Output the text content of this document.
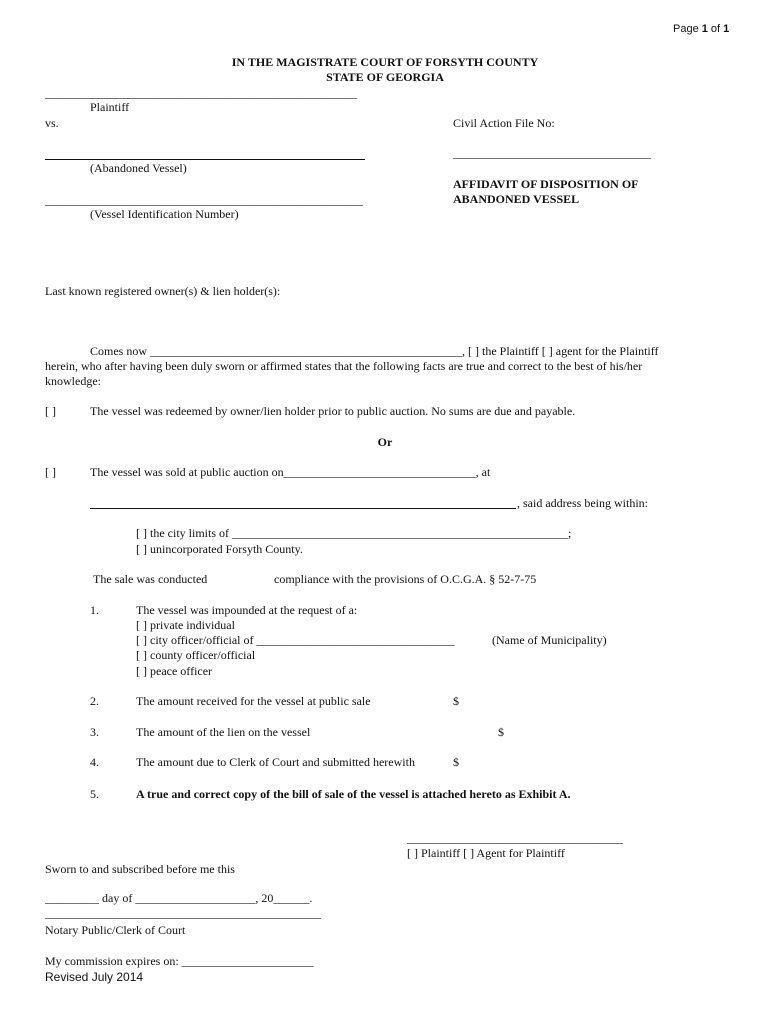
Page 1 of 1
IN THE MAGISTRATE COURT OF FORSYTH COUNTY
STATE OF GEORGIA
____________________________________________________
Plaintiff
vs.
(Abandoned Vessel)
_____________________________________________________
(Vessel Identification Number)
Civil Action File No:
_________________________________
AFFIDAVIT OF DISPOSITION OF
ABANDONED VESSEL
Last known registered owner(s) & lien holder(s):
Comes now ____________________________________________________, [ ] the Plaintiff [ ] agent for the Plaintiff
herein, who after having been duly sworn or affirmed states that the following facts are true and correct to the best of his/her
knowledge:
[ ]	The vessel was redeemed by owner/lien holder prior to public auction. No sums are due and payable.
Or
[ ]	The vessel was sold at public auction on________________________________, at
, said address being within:
[ ] the city limits of ________________________________________________________;
[ ] unincorporated Forsyth County.
The sale was conducted	compliance with the provisions of O.C.G.A. § 52-7-75
1.	The vessel was impounded at the request of a:
[ ] private individual
[ ] city officer/official of _________________________________	(Name of Municipality)
[ ] county officer/official
[ ] peace officer
2.	The amount received for the vessel at public sale	$
3.	The amount of the lien on the vessel	$
4.	The amount due to Clerk of Court and submitted herewith	$
5.	A true and correct copy of the bill of sale of the vessel is attached hereto as Exhibit A.
____________________________________
[ ] Plaintiff [ ] Agent for Plaintiff
Sworn to and subscribed before me this
_________ day of ____________________, 20______.
______________________________________________
Notary Public/Clerk of Court
My commission expires on: ______________________
Revised July 2014
